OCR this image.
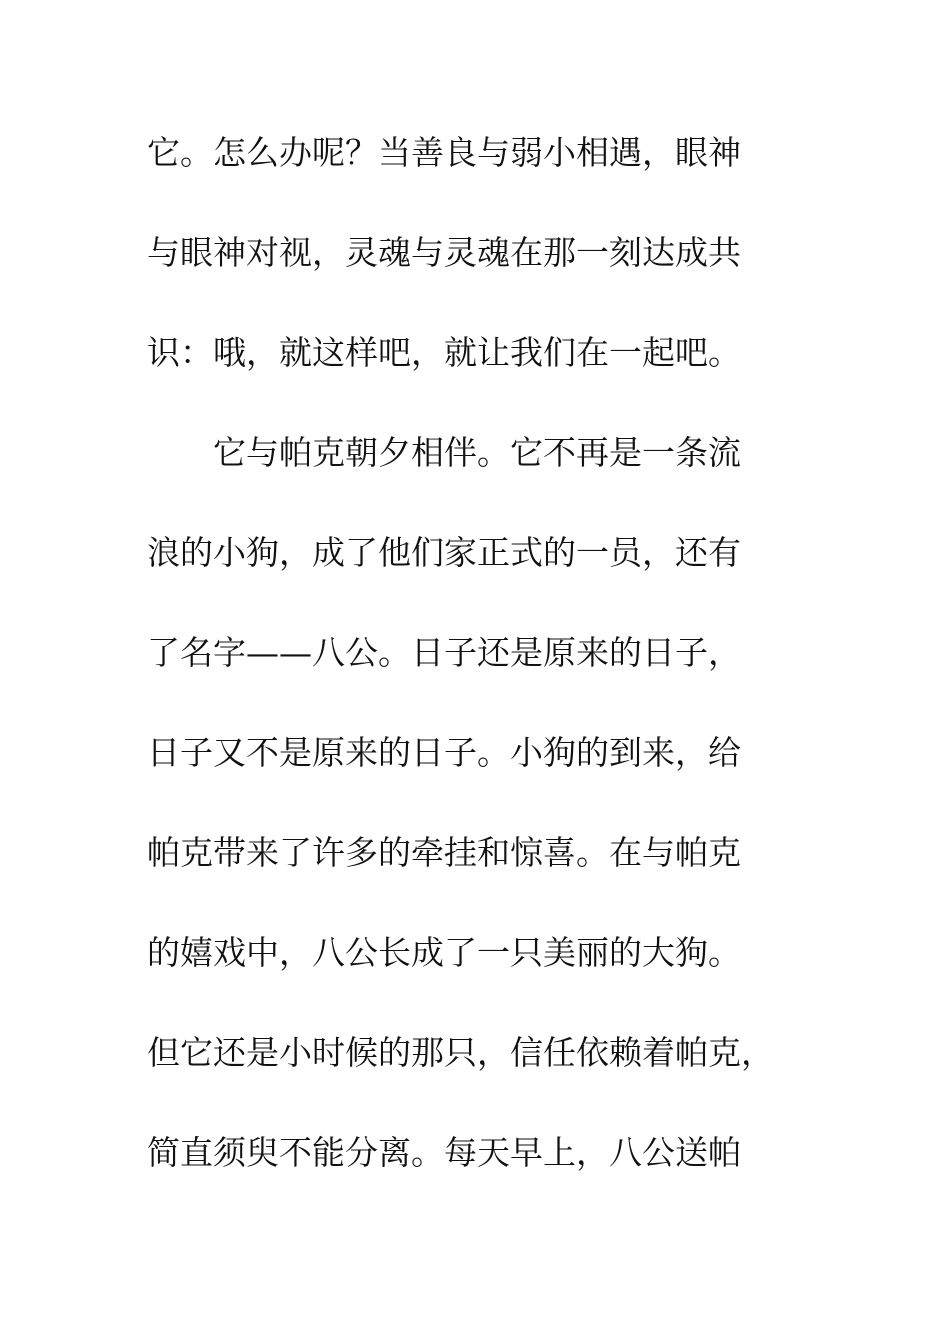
它。怎么办呢？当善良与弱小相遇，眼神
与眼神对视，灵魂与灵魂在那一刻达成共
识：哦，就这样吧，就让我们在一起吧。
它与帕克朝夕相伴。它不再是一条流
浪的小狗，成了他们家正式的一员，还有
了名字——八公。日子还是原来的日子，
日子又不是原来的日子。小狗的到来，给
帕克带来了许多的牵挂和惊喜。在与帕克
的嬉戏中，八公长成了一只美丽的大狗。
但它还是小时候的那只，信任依赖着帕克，
简直须臾不能分离。每天早上，八公送帕
